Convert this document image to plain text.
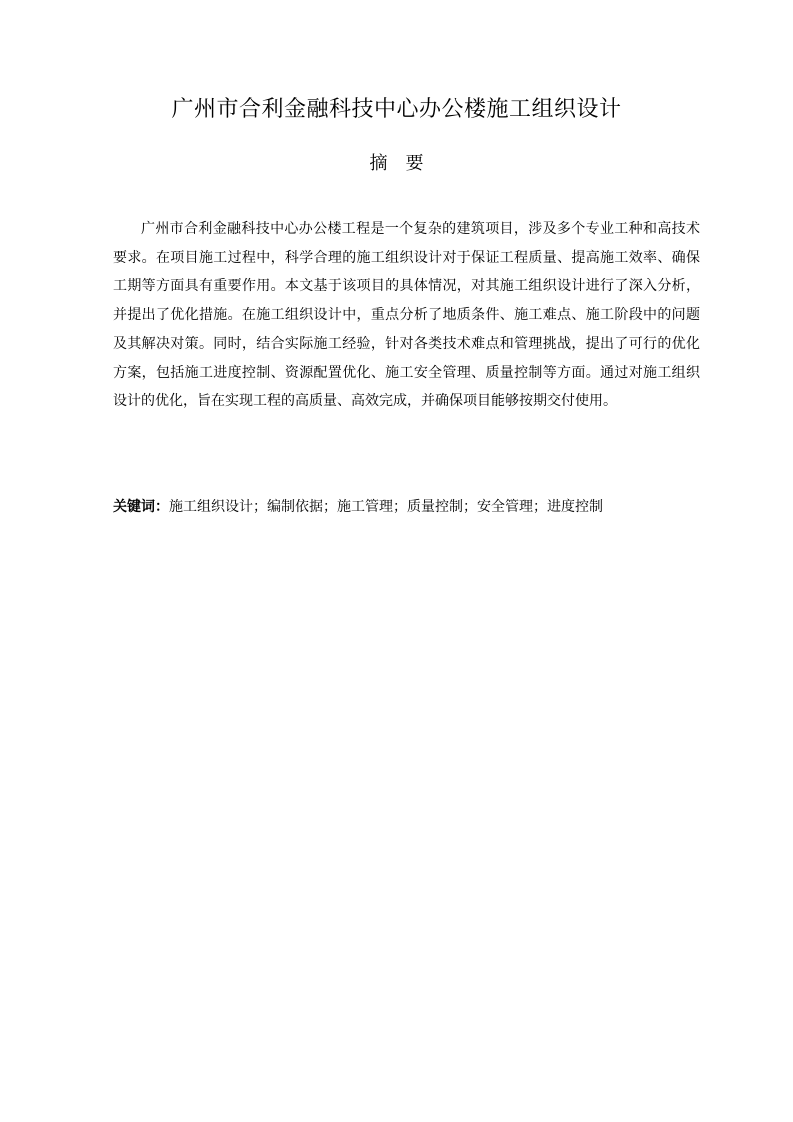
广州市合利金融科技中心办公楼施工组织设计
摘　要

广州市合利金融科技中心办公楼工程是一个复杂的建筑项目，涉及多个专业工种和高技术要求。在项目施工过程中，科学合理的施工组织设计对于保证工程质量、提高施工效率、确保工期等方面具有重要作用。本文基于该项目的具体情况，对其施工组织设计进行了深入分析，并提出了优化措施。在施工组织设计中，重点分析了地质条件、施工难点、施工阶段中的问题及其解决对策。同时，结合实际施工经验，针对各类技术难点和管理挑战，提出了可行的优化方案，包括施工进度控制、资源配置优化、施工安全管理、质量控制等方面。通过对施工组织设计的优化，旨在实现工程的高质量、高效完成，并确保项目能够按期交付使用。

关键词：施工组织设计；编制依据；施工管理；质量控制；安全管理；进度控制
